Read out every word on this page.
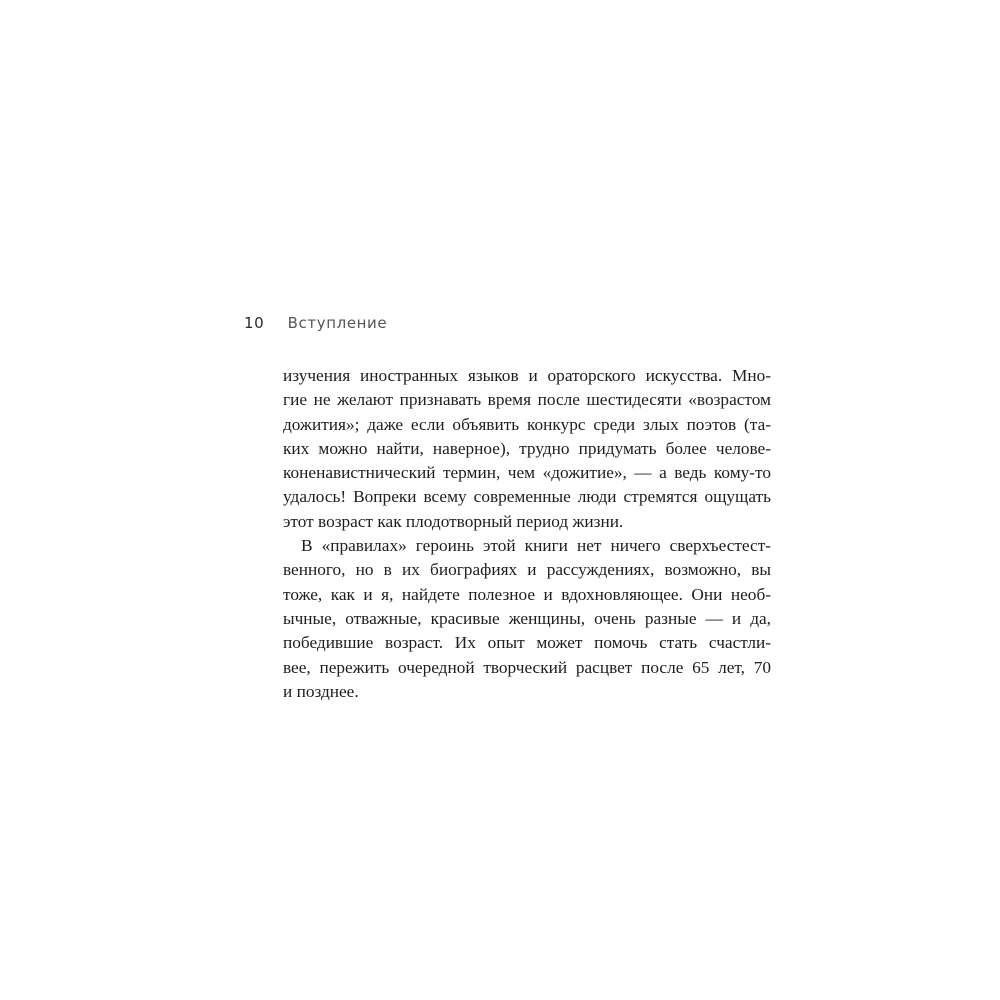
10 Вступление
изучения иностранных языков и ораторского искусства. Мно-
гие не желают признавать время после шестидесяти «возрастом
дожития»; даже если объявить конкурс среди злых поэтов (та-
ких можно найти, наверное), трудно придумать более челове-
коненавистнический термин, чем «дожитие», — а ведь кому-то
удалось! Вопреки всему современные люди стремятся ощущать
этот возраст как плодотворный период жизни.
В «правилах» героинь этой книги нет ничего сверхъестест-
венного, но в их биографиях и рассуждениях, возможно, вы
тоже, как и я, найдете полезное и вдохновляющее. Они необ-
ычные, отважные, красивые женщины, очень разные — и да,
победившие возраст. Их опыт может помочь стать счастли-
вее, пережить очередной творческий расцвет после 65 лет, 70
и позднее.
